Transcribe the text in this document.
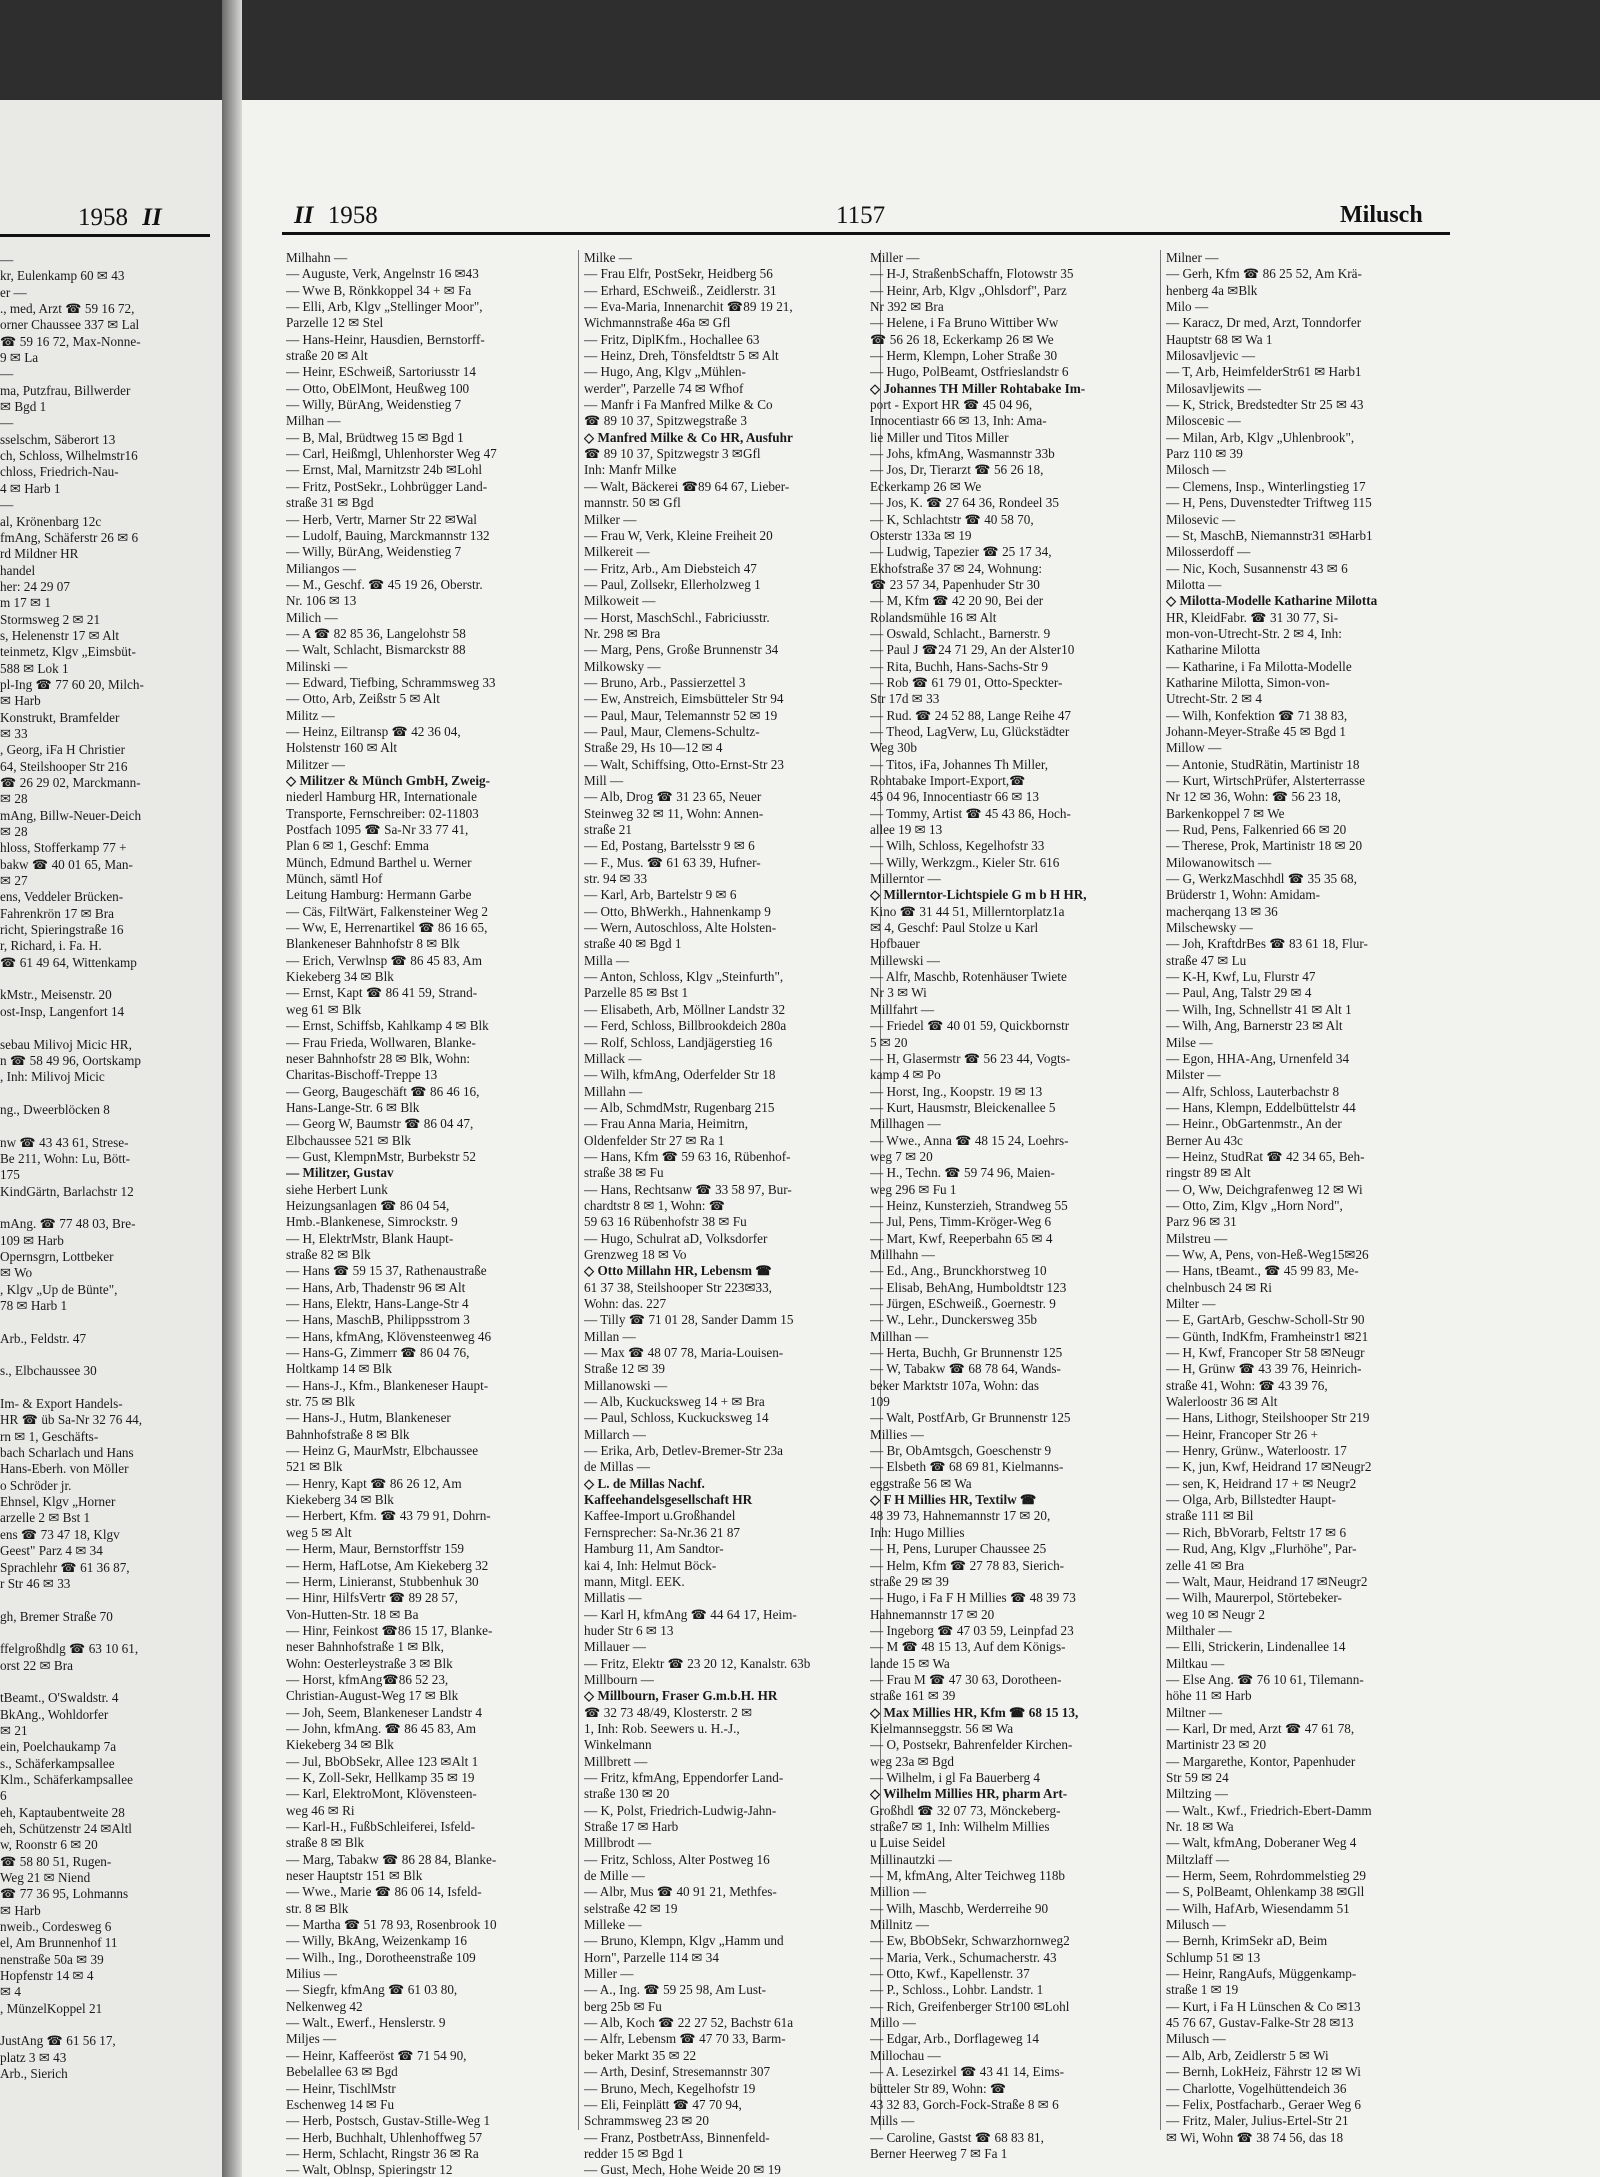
1958 II
—
kr, Eulenkamp 60 ✉ 43
er —
., med, Arzt ☎ 59 16 72,
orner Chaussee 337 ✉ Lal
☎ 59 16 72, Max-Nonne-
9 ✉ La
—
ma, Putzfrau, Billwerder
✉ Bgd 1
—
sselschm, Säberort 13
ch, Schloss, Wilhelmstr16
chloss, Friedrich-Nau-
4 ✉ Harb 1
—
al, Krönenbarg 12c
fmAng, Schäferstr 26 ✉ 6
rd Mildner HR
handel
her: 24 29 07
m 17 ✉ 1
Stormsweg 2 ✉ 21
s, Helenenstr 17 ✉ Alt
teinmetz, Klgv „Eimsbüt-
588 ✉ Lok 1
pl-Ing ☎ 77 60 20, Milch-
✉ Harb
Konstrukt, Bramfelder
✉ 33
, Georg, iFa H Christier
64, Steilshooper Str 216
☎ 26 29 02, Marckmann-
✉ 28
mAng, Billw-Neuer-Deich
✉ 28
hloss, Stofferkamp 77 +
bakw ☎ 40 01 65, Man-
✉ 27
ens, Veddeler Brücken-
Fahrenkrön 17 ✉ Bra
richt, Spieringstraße 16
r, Richard, i. Fa. H.
☎ 61 49 64, Wittenkamp
kMstr., Meisenstr. 20
ost-Insp, Langenfort 14
sebau Milivoj Micic HR,
n ☎ 58 49 96, Oortskamp
, Inh: Milivoj Micic
ng., Dweerblöcken 8
nw ☎ 43 43 61, Strese-
Be 211, Wohn: Lu, Bött-
175
KindGärtn, Barlachstr 12
mAng. ☎ 77 48 03, Bre-
109 ✉ Harb
Opernsgrn, Lottbeker
✉ Wo
, Klgv „Up de Bünte",
78 ✉ Harb 1
Arb., Feldstr. 47
s., Elbchaussee 30
Im- & Export Handels-
HR ☎ üb Sa-Nr 32 76 44,
rn ✉ 1, Geschäfts-
bach Scharlach und Hans
Hans-Eberh. von Möller
o Schröder jr.
Ehnsel, Klgv „Horner
arzelle 2 ✉ Bst 1
ens ☎ 73 47 18, Klgv
Geest" Parz 4 ✉ 34
Sprachlehr ☎ 61 36 87,
r Str 46 ✉ 33
gh, Bremer Straße 70
ffelgroßhdlg ☎ 63 10 61,
orst 22 ✉ Bra
tBeamt., O'Swaldstr. 4
BkAng., Wohldorfer
✉ 21
ein, Poelchaukamp 7a
s., Schäferkampsallee
Klm., Schäferkampsallee
6
eh, Kaptaubentweite 28
eh, Schützenstr 24 ✉Altl
w, Roonstr 6 ✉ 20
☎ 58 80 51, Rugen-
Weg 21 ✉ Niend
☎ 77 36 95, Lohmanns
✉ Harb
nweib., Cordesweg 6
el, Am Brunnenhof 11
nenstraße 50a ✉ 39
Hopfenstr 14 ✉ 4
✉ 4
, MünzelKoppel 21
JustAng ☎ 61 56 17,
platz 3 ✉ 43
Arb., Sierich
II 1958	1157	Milusch
Milhahn —
— Auguste, Verk, Angelnstr 16 ✉43
— Wwe B, Rönkkoppel 34 + ✉ Fa
— Elli, Arb, Klgv „Stellinger Moor",
Parzelle 12 ✉ Stel
— Hans-Heinr, Hausdien, Bernstorff-
straße 20 ✉ Alt
— Heinr, ESchweiß, Sartoriusstr 14
— Otto, ObElMont, Heußweg 100
— Willy, BürAng, Weidenstieg 7
Milhan —
— B, Mal, Brüdtweg 15 ✉ Bgd 1
— Carl, Heißmgl, Uhlenhorster Weg 47
— Ernst, Mal, Marnitzstr 24b ✉Lohl
— Fritz, PostSekr., Lohbrügger Land-
straße 31 ✉ Bgd
— Herb, Vertr, Marner Str 22 ✉Wal
— Ludolf, Bauing, Marckmannstr 132
— Willy, BürAng, Weidenstieg 7
Miliangos —
— M., Geschf. ☎ 45 19 26, Oberstr.
Nr. 106 ✉ 13
Milich —
— A ☎ 82 85 36, Langelohstr 58
— Walt, Schlacht, Bismarckstr 88
Milinski —
— Edward, Tiefbing, Schrammsweg 33
— Otto, Arb, Zeißstr 5 ✉ Alt
Militz —
— Heinz, Eiltransp ☎ 42 36 04,
Holstenstr 160 ✉ Alt
Militzer —
◇ Militzer & Münch GmbH, Zweig-
niederl Hamburg HR, Internationale
Transporte, Fernschreiber: 02-11803
Postfach 1095 ☎ Sa-Nr 33 77 41,
Plan 6 ✉ 1, Geschf: Emma
Münch, Edmund Barthel u. Werner
Münch, sämtl Hof
Leitung Hamburg: Hermann Garbe
— Cäs, FiltWärt, Falkensteiner Weg 2
— Ww, E, Herrenartikel ☎ 86 16 65,
Blankeneser Bahnhofstr 8 ✉ Blk
— Erich, Verwlnsp ☎ 86 45 83, Am
Kiekeberg 34 ✉ Blk
— Ernst, Kapt ☎ 86 41 59, Strand-
weg 61 ✉ Blk
— Ernst, Schiffsb, Kahlkamp 4 ✉ Blk
— Frau Frieda, Wollwaren, Blanke-
neser Bahnhofstr 28 ✉ Blk, Wohn:
Charitas-Bischoff-Treppe 13
— Georg, Baugeschäft ☎ 86 46 16,
Hans-Lange-Str. 6 ✉ Blk
— Georg W, Baumstr ☎ 86 04 47,
Elbchaussee 521 ✉ Blk
— Gust, KlempnMstr, Burbekstr 52
— Militzer, Gustav
siehe Herbert Lunk
Heizungsanlagen ☎ 86 04 54,
Hmb.-Blankenese, Simrockstr. 9
— H, ElektrMstr, Blank Haupt-
straße 82 ✉ Blk
— Hans ☎ 59 15 37, Rathenaustraße
— Hans, Arb, Thadenstr 96 ✉ Alt
— Hans, Elektr, Hans-Lange-Str 4
— Hans, MaschB, Philippsstrom 3
— Hans, kfmAng, Klövensteenweg 46
— Hans-G, Zimmerr ☎ 86 04 76,
Holtkamp 14 ✉ Blk
— Hans-J., Kfm., Blankeneser Haupt-
str. 75 ✉ Blk
— Hans-J., Hutm, Blankeneser
Bahnhofstraße 8 ✉ Blk
— Heinz G, MaurMstr, Elbchaussee
521 ✉ Blk
— Henry, Kapt ☎ 86 26 12, Am
Kiekeberg 34 ✉ Blk
— Herbert, Kfm. ☎ 43 79 91, Dohrn-
weg 5 ✉ Alt
— Herm, Maur, Bernstorffstr 159
— Herm, HafLotse, Am Kiekeberg 32
— Herm, Linieranst, Stubbenhuk 30
— Hinr, HilfsVertr ☎ 89 28 57,
Von-Hutten-Str. 18 ✉ Ba
— Hinr, Feinkost ☎86 15 17, Blanke-
neser Bahnhofstraße 1 ✉ Blk,
Wohn: Oesterleystraße 3 ✉ Blk
— Horst, kfmAng☎86 52 23,
Christian-August-Weg 17 ✉ Blk
— Joh, Seem, Blankeneser Landstr 4
— John, kfmAng. ☎ 86 45 83, Am
Kiekeberg 34 ✉ Blk
— Jul, BbObSekr, Allee 123 ✉Alt 1
— K, Zoll-Sekr, Hellkamp 35 ✉ 19
— Karl, ElektroMont, Klövensteen-
weg 46 ✉ Ri
— Karl-H., FußbSchleiferei, Isfeld-
straße 8 ✉ Blk
— Marg, Tabakw ☎ 86 28 84, Blanke-
neser Hauptstr 151 ✉ Blk
— Wwe., Marie ☎ 86 06 14, Isfeld-
str. 8 ✉ Blk
— Martha ☎ 51 78 93, Rosenbrook 10
— Willy, BkAng, Weizenkamp 16
— Wilh., Ing., Dorotheenstraße 109
Milius —
— Siegfr, kfmAng ☎ 61 03 80,
Nelkenweg 42
— Walt., Ewerf., Henslerstr. 9
Miljes —
— Heinr, Kaffeeröst ☎ 71 54 90,
Bebelallee 63 ✉ Bgd
— Heinr, TischlMstr
Eschenweg 14 ✉ Fu
— Herb, Postsch, Gustav-Stille-Weg 1
— Herb, Buchhalt, Uhlenhoffweg 57
— Herm, Schlacht, Ringstr 36 ✉ Ra
— Walt, Oblnsp, Spieringstr 12
Milke —
— Frau Elfr, PostSekr, Heidberg 56
— Erhard, ESchweiß., Zeidlerstr. 31
— Eva-Maria, Innenarchit ☎89 19 21,
Wichmannstraße 46a ✉ Gfl
— Fritz, DiplKfm., Hochallee 63
— Heinz, Dreh, Tönsfeldtstr 5 ✉ Alt
— Hugo, Ang, Klgv „Mühlen-
werder", Parzelle 74 ✉ Wfhof
— Manfr i Fa Manfred Milke & Co
☎ 89 10 37, Spitzwegstraße 3
◇ Manfred Milke & Co HR, Ausfuhr
☎ 89 10 37, Spitzwegstr 3 ✉Gfl
Inh: Manfr Milke
— Walt, Bäckerei ☎89 64 67, Lieber-
mannstr. 50 ✉ Gfl
Milker —
— Frau W, Verk, Kleine Freiheit 20
Milkereit —
— Fritz, Arb., Am Diebsteich 47
— Paul, Zollsekr, Ellerholzweg 1
Milkoweit —
— Horst, MaschSchl., Fabriciusstr.
Nr. 298 ✉ Bra
— Marg, Pens, Große Brunnenstr 34
Milkowsky —
— Bruno, Arb., Passierzettel 3
— Ew, Anstreich, Eimsbütteler Str 94
— Paul, Maur, Telemannstr 52 ✉ 19
— Paul, Maur, Clemens-Schultz-
Straße 29, Hs 10—12 ✉ 4
— Walt, Schiffsing, Otto-Ernst-Str 23
Mill —
— Alb, Drog ☎ 31 23 65, Neuer
Steinweg 32 ✉ 11, Wohn: Annen-
straße 21
— Ed, Postang, Bartelsstr 9 ✉ 6
— F., Mus. ☎ 61 63 39, Hufner-
str. 94 ✉ 33
— Karl, Arb, Bartelstr 9 ✉ 6
— Otto, BhWerkh., Hahnenkamp 9
— Wern, Autoschloss, Alte Holsten-
straße 40 ✉ Bgd 1
Milla —
— Anton, Schloss, Klgv „Steinfurth",
Parzelle 85 ✉ Bst 1
— Elisabeth, Arb, Möllner Landstr 32
— Ferd, Schloss, Billbrookdeich 280a
— Rolf, Schloss, Landjägerstieg 16
Millack —
— Wilh, kfmAng, Oderfelder Str 18
Millahn —
— Alb, SchmdMstr, Rugenbarg 215
— Frau Anna Maria, Heimitrn,
Oldenfelder Str 27 ✉ Ra 1
— Hans, Kfm ☎ 59 63 16, Rübenhof-
straße 38 ✉ Fu
— Hans, Rechtsanw ☎ 33 58 97, Bur-
chardtstr 8 ✉ 1, Wohn: ☎
59 63 16 Rübenhofstr 38 ✉ Fu
— Hugo, Schulrat aD, Volksdorfer
Grenzweg 18 ✉ Vo
◇ Otto Millahn HR, Lebensm ☎
61 37 38, Steilshooper Str 223✉33,
Wohn: das. 227
— Tilly ☎ 71 01 28, Sander Damm 15
Millan —
— Max ☎ 48 07 78, Maria-Louisen-
Straße 12 ✉ 39
Millanowski —
— Alb, Kuckucksweg 14 + ✉ Bra
— Paul, Schloss, Kuckucksweg 14
Millarch —
— Erika, Arb, Detlev-Bremer-Str 23a
de Millas —
◇ L. de Millas Nachf.
Kaffeehandelsgesellschaft HR
Kaffee-Import u.Großhandel
Fernsprecher: Sa-Nr.36 21 87
Hamburg 11, Am Sandtor-
kai 4, Inh: Helmut Böck-
mann, Mitgl. EEK.
Millatis —
— Karl H, kfmAng ☎ 44 64 17, Heim-
huder Str 6 ✉ 13
Millauer —
— Fritz, Elektr ☎ 23 20 12, Kanalstr. 63b
Millbourn —
◇ Millbourn, Fraser G.m.b.H. HR
☎ 32 73 48/49, Klosterstr. 2 ✉
1, Inh: Rob. Seewers u. H.-J.,
Winkelmann
Millbrett —
— Fritz, kfmAng, Eppendorfer Land-
straße 130 ✉ 20
— K, Polst, Friedrich-Ludwig-Jahn-
Straße 17 ✉ Harb
Millbrodt —
— Fritz, Schloss, Alter Postweg 16
de Mille —
— Albr, Mus ☎ 40 91 21, Methfes-
selstraße 42 ✉ 19
Milleke —
— Bruno, Klempn, Klgv „Hamm und
Horn", Parzelle 114 ✉ 34
Miller —
— A., Ing. ☎ 59 25 98, Am Lust-
berg 25b ✉ Fu
— Alb, Koch ☎ 22 27 52, Bachstr 61a
— Alfr, Lebensm ☎ 47 70 33, Barm-
beker Markt 35 ✉ 22
— Arth, Desinf, Stresemannstr 307
— Bruno, Mech, Kegelhofstr 19
— Eli, Feinplätt ☎ 47 70 94,
Schrammsweg 23 ✉ 20
— Franz, PostbetrAss, Binnenfeld-
redder 15 ✉ Bgd 1
— Gust, Mech, Hohe Weide 20 ✉ 19
Miller —
— H-J, StraßenbSchaffn, Flotowstr 35
— Heinr, Arb, Klgv „Ohlsdorf", Parz
Nr 392 ✉ Bra
— Helene, i Fa Bruno Wittiber Ww
☎ 56 26 18, Eckerkamp 26 ✉ We
— Herm, Klempn, Loher Straße 30
— Hugo, PolBeamt, Ostfrieslandstr 6
◇ Johannes TH Miller Rohtabake Im-
port - Export HR ☎ 45 04 96,
Innocentiastr 66 ✉ 13, Inh: Ama-
lie Miller und Titos Miller
— Johs, kfmAng, Wasmannstr 33b
— Jos, Dr, Tierarzt ☎ 56 26 18,
Eckerkamp 26 ✉ We
— Jos, K. ☎ 27 64 36, Rondeel 35
— K, Schlachtstr ☎ 40 58 70,
Osterstr 133a ✉ 19
— Ludwig, Tapezier ☎ 25 17 34,
Ekhofstraße 37 ✉ 24, Wohnung:
☎ 23 57 34, Papenhuder Str 30
— M, Kfm ☎ 42 20 90, Bei der
Rolandsmühle 16 ✉ Alt
— Oswald, Schlacht., Barnerstr. 9
— Paul J ☎24 71 29, An der Alster10
— Rita, Buchh, Hans-Sachs-Str 9
— Rob ☎ 61 79 01, Otto-Speckter-
Str 17d ✉ 33
— Rud. ☎ 24 52 88, Lange Reihe 47
— Theod, LagVerw, Lu, Glückstädter
Weg 30b
— Titos, iFa, Johannes Th Miller,
Rohtabake Import-Export,☎
45 04 96, Innocentiastr 66 ✉ 13
— Tommy, Artist ☎ 45 43 86, Hoch-
allee 19 ✉ 13
— Wilh, Schloss, Kegelhofstr 33
— Willy, Werkzgm., Kieler Str. 616
Millerntor —
◇ Millerntor-Lichtspiele G m b H HR,
Kino ☎ 31 44 51, Millerntorplatz1a
✉ 4, Geschf: Paul Stolze u Karl
Hofbauer
Millewski —
— Alfr, Maschb, Rotenhäuser Twiete
Nr 3 ✉ Wi
Millfahrt —
— Friedel ☎ 40 01 59, Quickbornstr
5 ✉ 20
— H, Glasermstr ☎ 56 23 44, Vogts-
kamp 4 ✉ Po
— Horst, Ing., Koopstr. 19 ✉ 13
— Kurt, Hausmstr, Bleickenallee 5
Millhagen —
— Wwe., Anna ☎ 48 15 24, Loehrs-
weg 7 ✉ 20
— H., Techn. ☎ 59 74 96, Maien-
weg 296 ✉ Fu 1
— Heinz, Kunsterzieh, Strandweg 55
— Jul, Pens, Timm-Kröger-Weg 6
— Mart, Kwf, Reeperbahn 65 ✉ 4
Millhahn —
— Ed., Ang., Brunckhorstweg 10
— Elisab, BehAng, Humboldtstr 123
— Jürgen, ESchweiß., Goernestr. 9
— W., Lehr., Dunckersweg 35b
Millhan —
— Herta, Buchh, Gr Brunnenstr 125
— W, Tabakw ☎ 68 78 64, Wands-
beker Marktstr 107a, Wohn: das
109
— Walt, PostfArb, Gr Brunnenstr 125
Millies —
— Br, ObAmtsgch, Goeschenstr 9
— Elsbeth ☎ 68 69 81, Kielmanns-
eggstraße 56 ✉ Wa
◇ F H Millies HR, Textilw ☎
48 39 73, Hahnemannstr 17 ✉ 20,
Inh: Hugo Millies
— H, Pens, Luruper Chaussee 25
— Helm, Kfm ☎ 27 78 83, Sierich-
straße 29 ✉ 39
— Hugo, i Fa F H Millies ☎ 48 39 73
Hahnemannstr 17 ✉ 20
— Ingeborg ☎ 47 03 59, Leinpfad 23
— M ☎ 48 15 13, Auf dem Königs-
lande 15 ✉ Wa
— Frau M ☎ 47 30 63, Dorotheen-
straße 161 ✉ 39
◇ Max Millies HR, Kfm ☎ 68 15 13,
Kielmannseggstr. 56 ✉ Wa
— O, Postsekr, Bahrenfelder Kirchen-
weg 23a ✉ Bgd
— Wilhelm, i gl Fa Bauerberg 4
◇ Wilhelm Millies HR, pharm Art-
Großhdl ☎ 32 07 73, Mönckeberg-
straße7 ✉ 1, Inh: Wilhelm Millies
u Luise Seidel
Millinautzki —
— M, kfmAng, Alter Teichweg 118b
Million —
— Wilh, Maschb, Werderreihe 90
Millnitz —
— Ew, BbObSekr, Schwarzhornweg2
— Maria, Verk., Schumacherstr. 43
— Otto, Kwf., Kapellenstr. 37
— P., Schloss., Lohbr. Landstr. 1
— Rich, Greifenberger Str100 ✉Lohl
Millo —
— Edgar, Arb., Dorflageweg 14
Millochau —
— A. Lesezirkel ☎ 43 41 14, Eims-
bütteler Str 89, Wohn: ☎
43 32 83, Gorch-Fock-Straße 8 ✉ 6
Mills —
— Caroline, Gastst ☎ 68 83 81,
Berner Heerweg 7 ✉ Fa 1
Milner —
— Gerh, Kfm ☎ 86 25 52, Am Krä-
henberg 4a ✉Blk
Milo —
— Karacz, Dr med, Arzt, Tonndorfer
Hauptstr 68 ✉ Wa 1
Milosavljevic —
— T, Arb, HeimfelderStr61 ✉ Harb1
Milosavljewits —
— K, Strick, Bredstedter Str 25 ✉ 43
Milosceвic —
— Milan, Arb, Klgv „Uhlenbrook",
Parz 110 ✉ 39
Milosch —
— Clemens, Insp., Winterlingstieg 17
— H, Pens, Duvenstedter Triftweg 115
Milosevic —
— St, MaschB, Niemannstr31 ✉Harb1
Milosserdoff —
— Nic, Koch, Susannenstr 43 ✉ 6
Milotta —
◇ Milotta-Modelle Katharine Milotta
HR, KleidFabr. ☎ 31 30 77, Si-
mon-von-Utrecht-Str. 2 ✉ 4, Inh:
Katharine Milotta
— Katharine, i Fa Milotta-Modelle
Katharine Milotta, Simon-von-
Utrecht-Str. 2 ✉ 4
— Wilh, Konfektion ☎ 71 38 83,
Johann-Meyer-Straße 45 ✉ Bgd 1
Millow —
— Antonie, StudRätin, Martinistr 18
— Kurt, WirtschPrüfer, Alsterterrasse
Nr 12 ✉ 36, Wohn: ☎ 56 23 18,
Barkenkoppel 7 ✉ We
— Rud, Pens, Falkenried 66 ✉ 20
— Therese, Prok, Martinistr 18 ✉ 20
Milowanowitsch —
— G, WerkzMaschhdl ☎ 35 35 68,
Brüderstr 1, Wohn: Amidam-
macherqang 13 ✉ 36
Milschewsky —
— Joh, KraftdrBes ☎ 83 61 18, Flur-
straße 47 ✉ Lu
— K-H, Kwf, Lu, Flurstr 47
— Paul, Ang, Talstr 29 ✉ 4
— Wilh, Ing, Schnellstr 41 ✉ Alt 1
— Wilh, Ang, Barnerstr 23 ✉ Alt
Milse —
— Egon, HHA-Ang, Urnenfeld 34
Milster —
— Alfr, Schloss, Lauterbachstr 8
— Hans, Klempn, Eddelbüttelstr 44
— Heinr., ObGartenmstr., An der
Berner Au 43c
— Heinz, StudRat ☎ 42 34 65, Beh-
ringstr 89 ✉ Alt
— O, Ww, Deichgrafenweg 12 ✉ Wi
— Otto, Zim, Klgv „Horn Nord",
Parz 96 ✉ 31
Milstreu —
— Ww, A, Pens, von-Heß-Weg15✉26
— Hans, tBeamt., ☎ 45 99 83, Me-
chelnbusch 24 ✉ Ri
Milter —
— E, GartArb, Geschw-Scholl-Str 90
— Günth, IndKfm, Framheinstr1 ✉21
— H, Kwf, Francoper Str 58 ✉Neugr
— H, Grünw ☎ 43 39 76, Heinrich-
straße 41, Wohn: ☎ 43 39 76,
Walerloostr 36 ✉ Alt
— Hans, Lithogr, Steilshooper Str 219
— Heinr, Francoper Str 26 +
— Henry, Grünw., Waterloostr. 17
— K, jun, Kwf, Heidrand 17 ✉Neugr2
— sen, K, Heidrand 17 + ✉ Neugr2
— Olga, Arb, Billstedter Haupt-
straße 111 ✉ Bil
— Rich, BbVorarb, Feltstr 17 ✉ 6
— Rud, Ang, Klgv „Flurhöhe", Par-
zelle 41 ✉ Bra
— Walt, Maur, Heidrand 17 ✉Neugr2
— Wilh, Maurerpol, Störtebeker-
weg 10 ✉ Neugr 2
Milthaler —
— Elli, Strickerin, Lindenallee 14
Miltkau —
— Else Ang. ☎ 76 10 61, Tilemann-
höhe 11 ✉ Harb
Miltner —
— Karl, Dr med, Arzt ☎ 47 61 78,
Martinistr 23 ✉ 20
— Margarethe, Kontor, Papenhuder
Str 59 ✉ 24
Miltzing —
— Walt., Kwf., Friedrich-Ebert-Damm
Nr. 18 ✉ Wa
— Walt, kfmAng, Doberaner Weg 4
Miltzlaff —
— Herm, Seem, Rohrdommelstieg 29
— S, PolBeamt, Ohlenkamp 38 ✉Gll
— Wilh, HafArb, Wiesendamm 51
Milusch —
— Bernh, KrimSekr aD, Beim
Schlump 51 ✉ 13
— Heinr, RangAufs, Müggenkamp-
straße 1 ✉ 19
— Kurt, i Fa H Lünschen & Co ✉13
45 76 67, Gustav-Falke-Str 28 ✉13
Milusch —
— Alb, Arb, Zeidlerstr 5 ✉ Wi
— Bernh, LokHeiz, Fährstr 12 ✉ Wi
— Charlotte, Vogelhüttendeich 36
— Felix, Postfacharb., Geraer Weg 6
— Fritz, Maler, Julius-Ertel-Str 21
✉ Wi, Wohn ☎ 38 74 56, das 18
